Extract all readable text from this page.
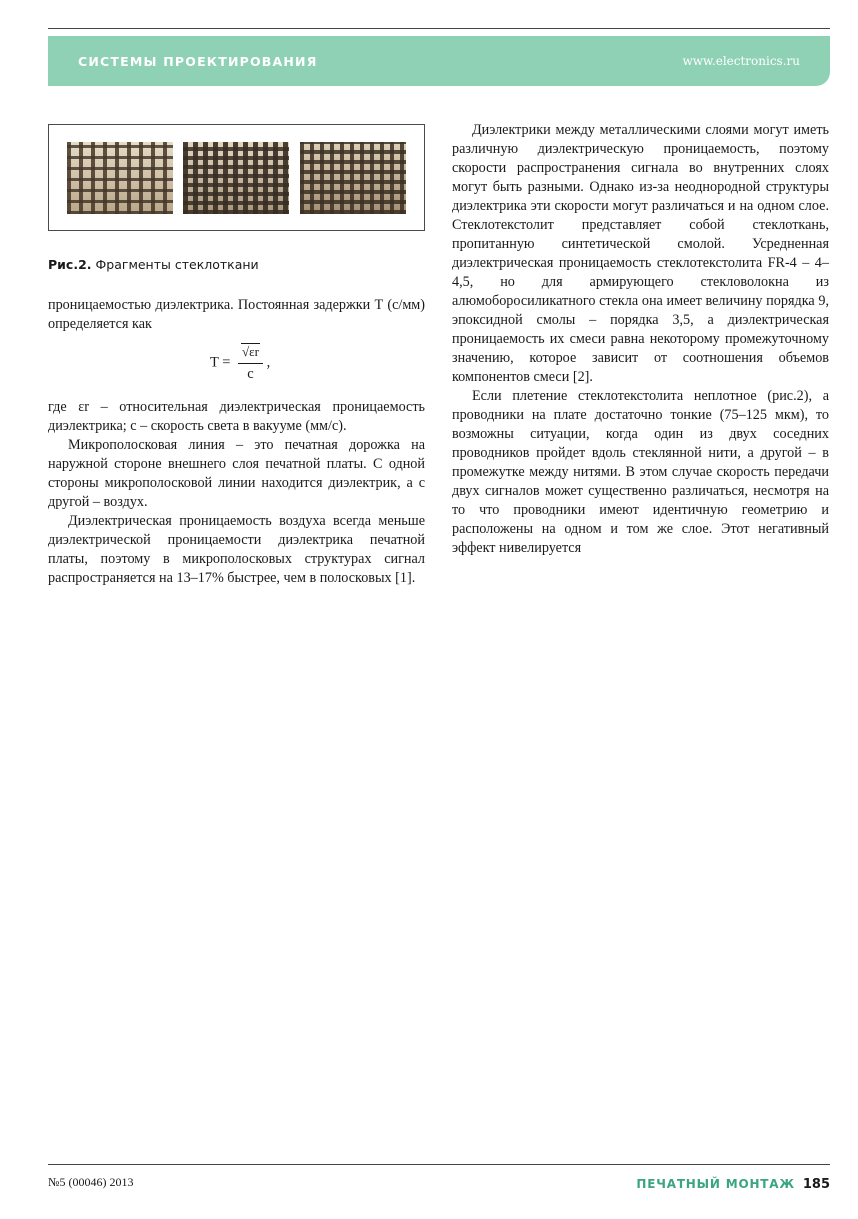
СИСТЕМЫ ПРОЕКТИРОВАНИЯ	www.electronics.ru
Рис.2. Фрагменты стеклоткани

проницаемостью диэлектрика. Постоянная задержки Т (с/мм) определяется как

$T = \frac{√\varepsilon r}{c}$ ,

где εr – относительная диэлектрическая проницаемость диэлектрика; с – скорость света в вакууме (мм/с).

Микрополосковая линия – это печатная дорожка на наружной стороне внешнего слоя печатной платы. С одной стороны микрополосковой линии находится диэлектрик, а с другой – воздух.

Диэлектрическая проницаемость воздуха всегда меньше диэлектрической проницаемости диэлектрика печатной платы, поэтому в микрополосковых структурах сигнал распространяется на 13–17% быстрее, чем в полосковых [1].

Диэлектрики между металлическими слоями могут иметь различную диэлектрическую проницаемость, поэтому скорости распространения сигнала во внутренних слоях могут быть разными. Однако из-за неоднородной структуры диэлектрика эти скорости могут различаться и на одном слое. Стеклотекстолит представляет собой стеклоткань, пропитанную синтетической смолой. Усредненная диэлектрическая проницаемость стеклотекстолита FR-4 – 4–4,5, но для армирующего стекловолокна из алюмоборосиликатного стекла она имеет величину порядка 9, эпоксидной смолы – порядка 3,5, а диэлектрическая проницаемость их смеси равна некоторому промежуточному значению, которое зависит от соотношения объемов компонентов смеси [2].

Если плетение стеклотекстолита неплотное (рис.2), а проводники на плате достаточно тонкие (75–125 мкм), то возможны ситуации, когда один из двух соседних проводников пройдет вдоль стеклянной нити, а другой – в промежутке между нитями. В этом случае скорость передачи двух сигналов может существенно различаться, несмотря на то что проводники имеют идентичную геометрию и расположены на одном и том же слое. Этот негативный эффект нивелируется

№5 (00046) 2013	ПЕЧАТНЫЙ МОНТАЖ 185
